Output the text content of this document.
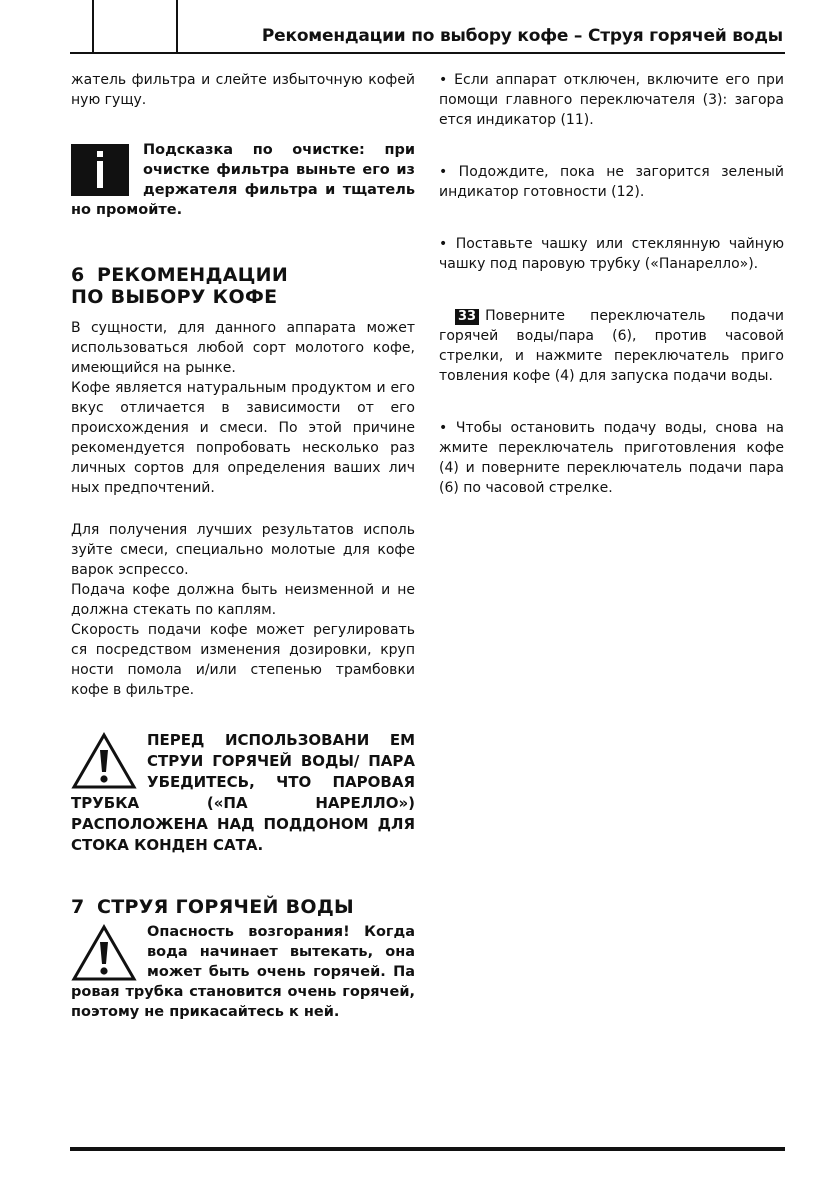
Рекомендации по выбору кофе – Струя горячей воды

жатель фильтра и слейте избыточную кофей ную гущу.

Подсказка по очистке: при очистке фильтра выньте его из держателя фильтра и тщатель но промойте.

6 РЕКОМЕНДАЦИИ
ПО ВЫБОРУ КОФЕ

В сущности, для данного аппарата может использоваться любой сорт молотого кофе, имеющийся на рынке.

Кофе является натуральным продуктом и его вкус отличается в зависимости от его происхождения и смеси. По этой причине рекомендуется попробовать несколько раз личных сортов для определения ваших лич ных предпочтений.

Для получения лучших результатов исполь зуйте смеси, специально молотые для кофе варок эспрессо.

Подача кофе должна быть неизменной и не должна стекать по каплям.

Скорость подачи кофе может регулировать ся посредством изменения дозировки, круп ности помола и/или степенью трамбовки кофе в фильтре.

ПЕРЕД ИСПОЛЬЗОВАНИ ЕМ СТРУИ ГОРЯЧЕЙ ВОДЫ/ ПАРА УБЕДИТЕСЬ, ЧТО ПАРОВАЯ ТРУБКА («ПА НАРЕЛЛО») РАСПОЛОЖЕНА НАД ПОДДОНОМ ДЛЯ СТОКА КОНДЕН САТА.

7 СТРУЯ ГОРЯЧЕЙ ВОДЫ

Опасность возгорания! Когда вода начинает вытекать, она может быть очень горячей. Па ровая трубка становится очень горячей, поэтому не прикасайтесь к ней.

• Если аппарат отключен, включите его при помощи главного переключателя (3): загора ется индикатор (11).

• Подождите, пока не загорится зеленый индикатор готовности (12).

• Поставьте чашку или стеклянную чайную чашку под паровую трубку («Панарелло»).

33 Поверните переключатель подачи горячей воды/пара (6), против часовой стрелки, и нажмите переключатель приго товления кофе (4) для запуска подачи воды.

• Чтобы остановить подачу воды, снова на жмите переключатель приготовления кофе (4) и поверните переключатель подачи пара (6) по часовой стрелке.
